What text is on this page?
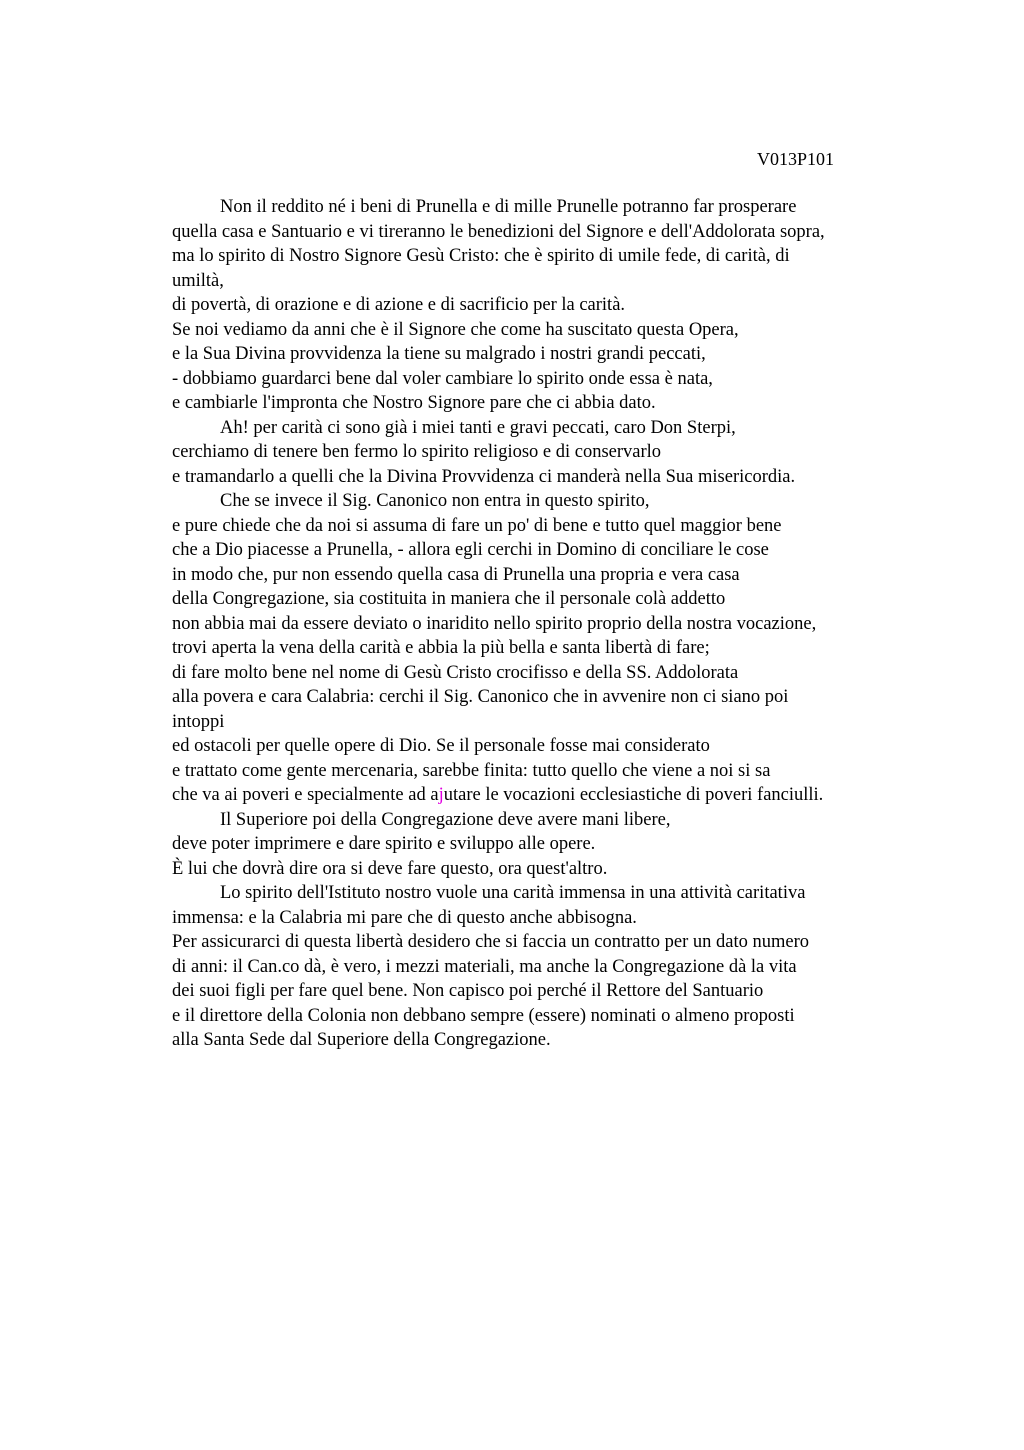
V013P101
Non il reddito né i beni di Prunella e di mille Prunelle potranno far prosperare
quella casa e Santuario e vi tireranno le benedizioni del Signore e dell'Addolorata sopra,
ma lo spirito di Nostro Signore Gesù Cristo: che è spirito di umile fede, di carità, di
umiltà,
di povertà, di orazione e di azione e di sacrificio per la carità.
Se noi vediamo da anni che è il Signore che come ha suscitato questa Opera,
e la Sua Divina provvidenza la tiene su malgrado i nostri grandi peccati,
- dobbiamo guardarci bene dal voler cambiare lo spirito onde essa è nata,
e cambiarle l'impronta che Nostro Signore pare che ci abbia dato.
Ah! per carità ci sono già i miei tanti e gravi peccati, caro Don Sterpi,
cerchiamo di tenere ben fermo lo spirito religioso e di conservarlo
e tramandarlo a quelli che la Divina Provvidenza ci manderà nella Sua misericordia.
Che se invece il Sig. Canonico non entra in questo spirito,
e pure chiede che da noi si assuma di fare un po' di bene e tutto quel maggior bene
che a Dio piacesse a Prunella, - allora egli cerchi in Domino di conciliare le cose
in modo che, pur non essendo quella casa di Prunella una propria e vera casa
della Congregazione, sia costituita in maniera che il personale colà addetto
non abbia mai da essere deviato o inaridito nello spirito proprio della nostra vocazione,
trovi aperta la vena della carità e abbia la più bella e santa libertà di fare;
di fare molto bene nel nome di Gesù Cristo crocifisso e della SS. Addolorata
alla povera e cara Calabria: cerchi il Sig. Canonico che in avvenire non ci siano poi
intoppi
ed ostacoli per quelle opere di Dio. Se il personale fosse mai considerato
e trattato come gente mercenaria, sarebbe finita: tutto quello che viene a noi si sa
che va ai poveri e specialmente ad ajutare le vocazioni ecclesiastiche di poveri fanciulli.
Il Superiore poi della Congregazione deve avere mani libere,
deve poter imprimere e dare spirito e sviluppo alle opere.
È lui che dovrà dire ora si deve fare questo, ora quest'altro.
Lo spirito dell'Istituto nostro vuole una carità immensa in una attività caritativa
immensa: e la Calabria mi pare che di questo anche abbisogna.
Per assicurarci di questa libertà desidero che si faccia un contratto per un dato numero
di anni: il Can.co dà, è vero, i mezzi materiali, ma anche la Congregazione dà la vita
dei suoi figli per fare quel bene. Non capisco poi perché il Rettore del Santuario
e il direttore della Colonia non debbano sempre (essere) nominati o almeno proposti
alla Santa Sede dal Superiore della Congregazione.
